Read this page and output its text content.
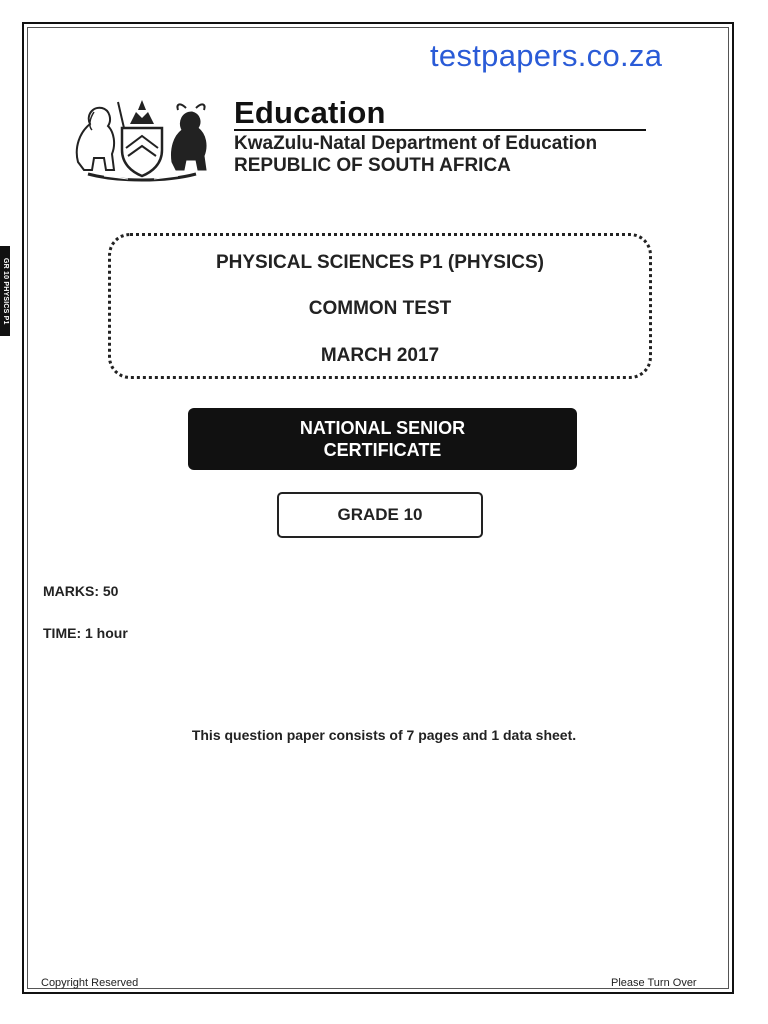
GR 10 PHYSICS P1
testpapers.co.za
Education
KwaZulu-Natal Department of Education
REPUBLIC OF SOUTH AFRICA
PHYSICAL SCIENCES P1 (PHYSICS)
COMMON TEST
MARCH 2017
NATIONAL SENIOR
CERTIFICATE
GRADE 10
MARKS: 50
TIME: 1 hour
This question paper consists of 7 pages and 1 data sheet.
Copyright Reserved	Please Turn Over
